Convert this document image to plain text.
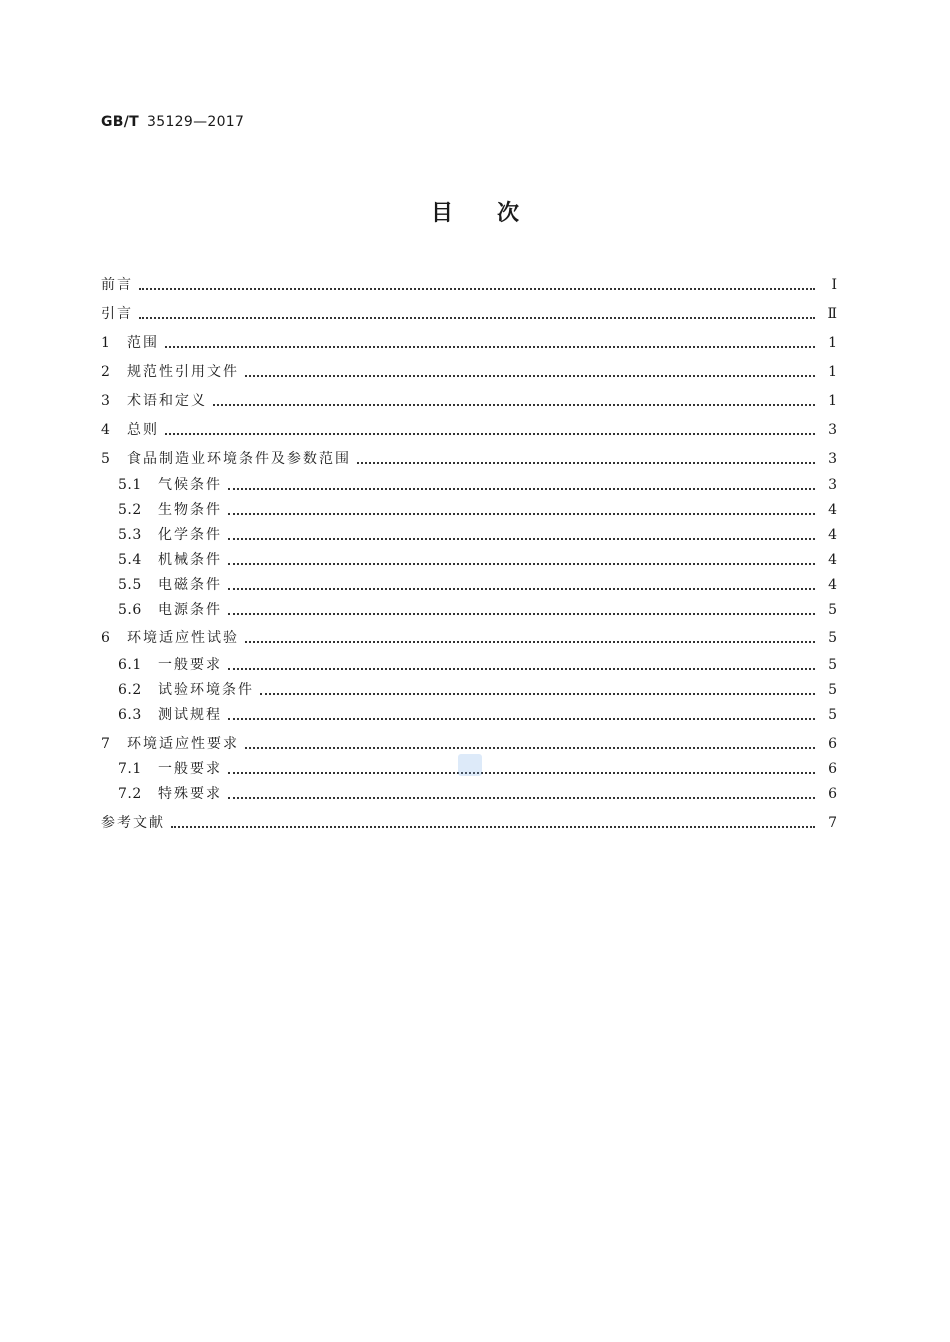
GB/T 35129—2017
目次
前言	Ⅰ
引言	Ⅱ
1	范围	1
2	规范性引用文件	1
3	术语和定义	1
4	总则	3
5	食品制造业环境条件及参数范围	3
5.1	气候条件	3
5.2	生物条件	4
5.3	化学条件	4
5.4	机械条件	4
5.5	电磁条件	4
5.6	电源条件	5
6	环境适应性试验	5
6.1	一般要求	5
6.2	试验环境条件	5
6.3	测试规程	5
7	环境适应性要求	6
7.1	一般要求	6
7.2	特殊要求	6
参考文献	7
